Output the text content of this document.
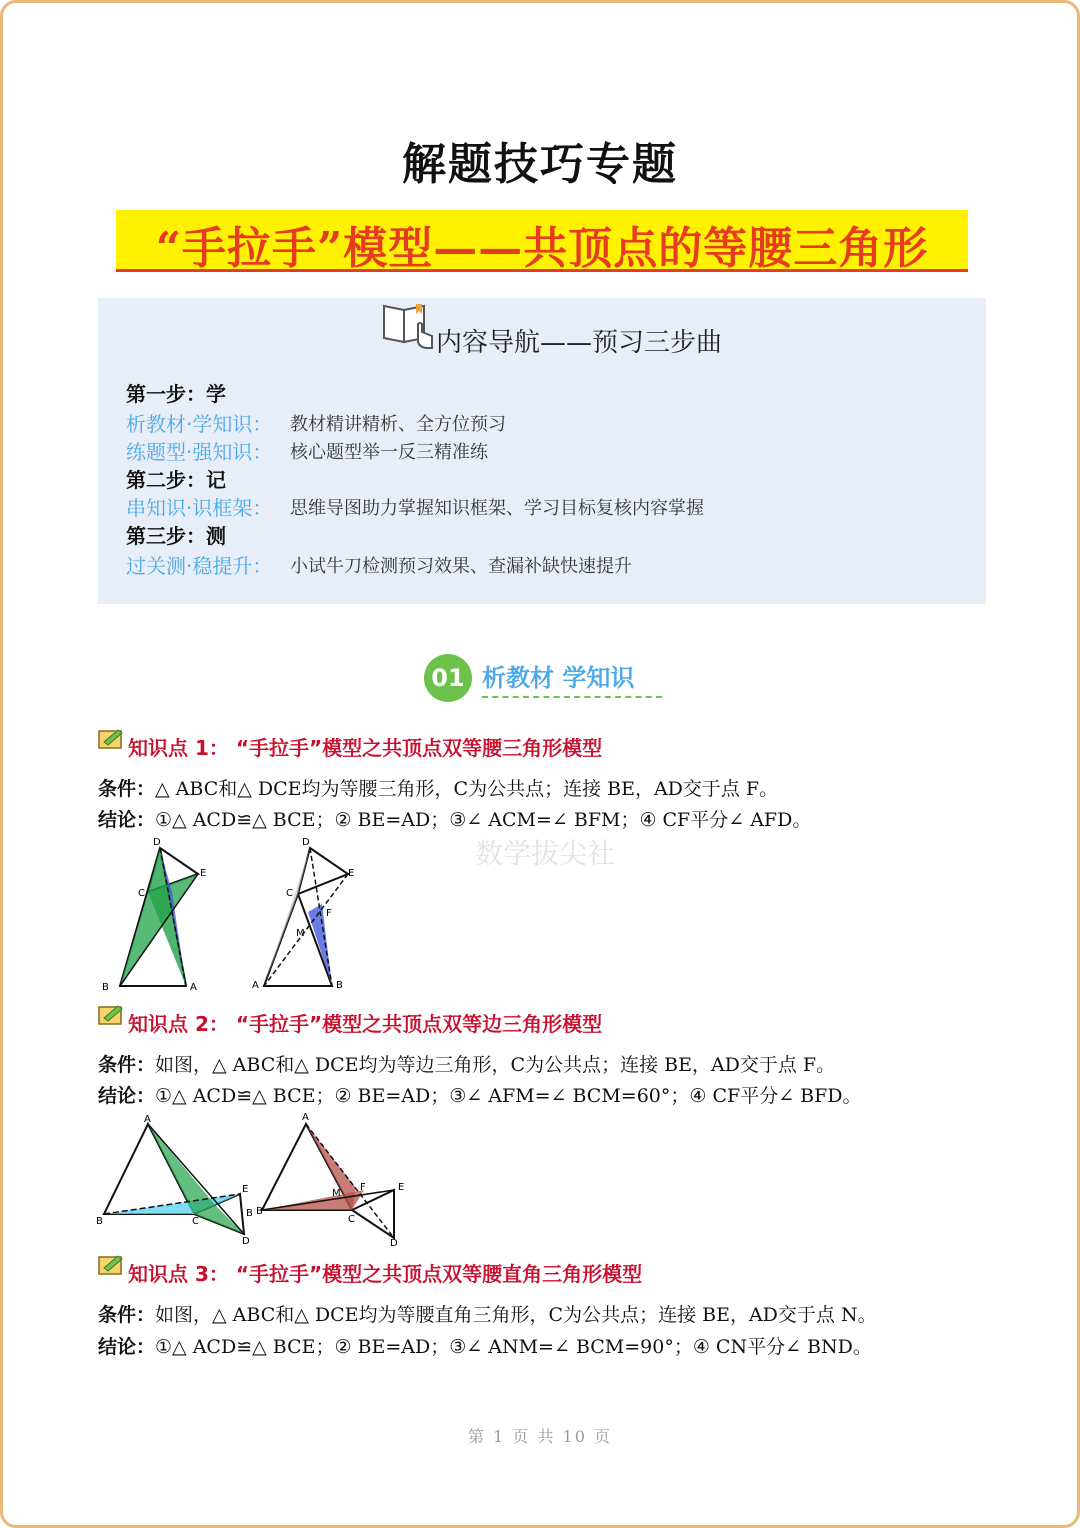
解题技巧专题
“手拉手”模型——共顶点的等腰三角形
内容导航——预习三步曲
第一步：学
析教材·学知识： 教材精讲精析、全方位预习
练题型·强知识： 核心题型举一反三精准练
第二步：记
串知识·识框架： 思维导图助力掌握知识框架、学习目标复核内容掌握
第三步：测
过关测·稳提升： 小试牛刀检测预习效果、查漏补缺快速提升
01 析教材 学知识
知识点 1： “手拉手”模型之共顶点双等腰三角形模型
条件：△ ABC和△ DCE均为等腰三角形，C为公共点；连接 BE，AD交于点 F。
结论：①△ ACD≌△ BCE；② BE=AD；③∠ ACM=∠ BFM；④ CF平分∠ AFD。
数学拔尖社
D
E
C
B	A
D
E
C
M
F
A	B
知识点 2： “手拉手”模型之共顶点双等边三角形模型
条件：如图，△ ABC和△ DCE均为等边三角形，C为公共点；连接 BE，AD交于点 F。
结论：①△ ACD≌△ BCE；② BE=AD；③∠ AFM=∠ BCM=60°；④ CF平分∠ BFD。
A
E
B	C
B
D
A
E
M
F
B
C
D
知识点 3： “手拉手”模型之共顶点双等腰直角三角形模型
条件：如图，△ ABC和△ DCE均为等腰直角三角形，C为公共点；连接 BE，AD交于点 N。
结论：①△ ACD≌△ BCE；② BE=AD；③∠ ANM=∠ BCM=90°；④ CN平分∠ BND。
第 1 页 共 10 页
